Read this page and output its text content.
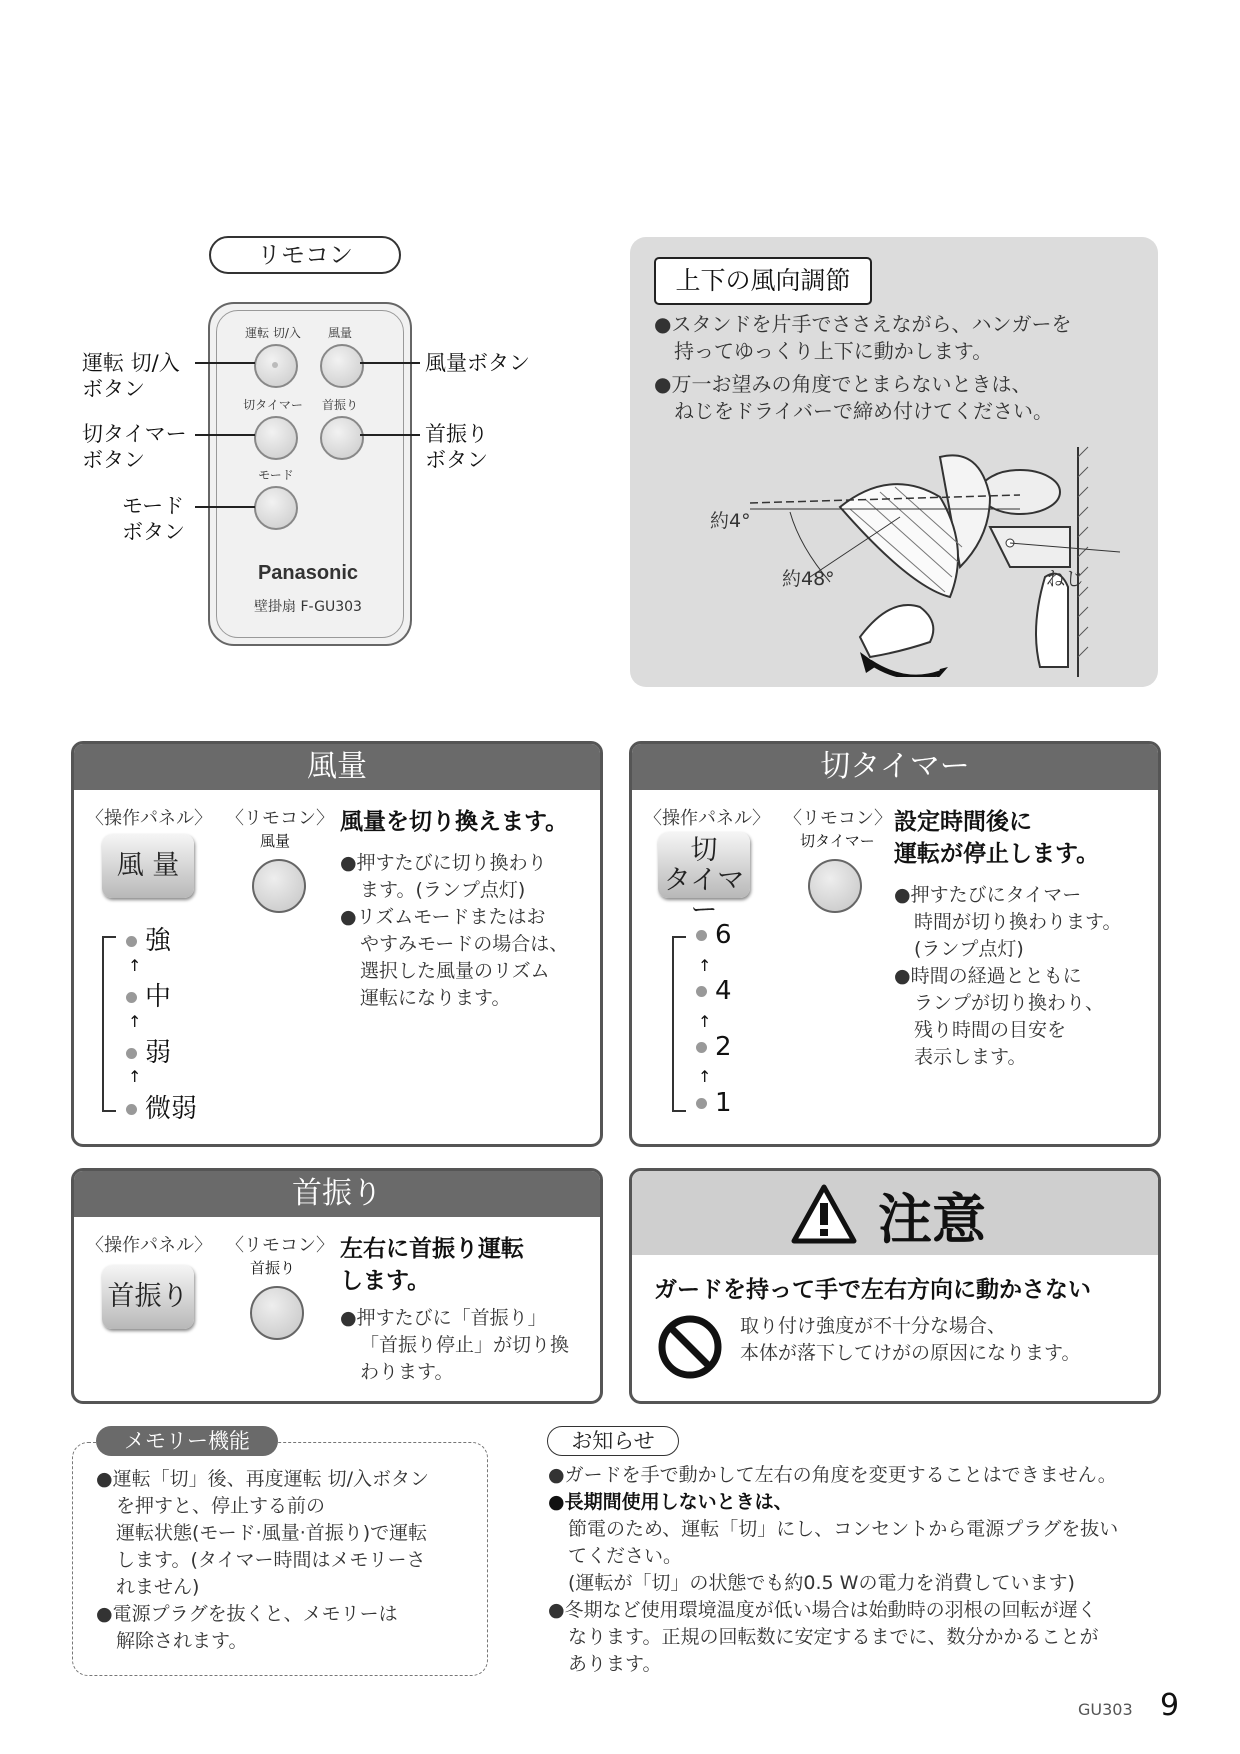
リモコン
運転 切/入	風量
切タイマー	首振り
モード
Panasonic
壁掛扇 F-GU303
運転 切/入
ボタン
風量ボタン
切タイマー
ボタン
首振り
ボタン
モード
ボタン
上下の風向調節
●スタンドを片手でささえながら、ハンガーを
持ってゆっくり上下に動かします。
●万一お望みの角度でとまらないときは、
ねじをドライバーで締め付けてください。
約4°
約48°	ねじ
風量
〈操作パネル〉 〈リモコン〉
風量
風 量
風量を切り換えます。
●押すたびに切り換わり
ます。(ランプ点灯)
●リズムモードまたはお
やすみモードの場合は、
選択した風量のリズム
運転になります。
強
↑
中
↑
弱
↑
微弱
切タイマー
〈操作パネル〉 〈リモコン〉
切タイマー
切
タイマー
設定時間後に
運転が停止します。
●押すたびにタイマー
時間が切り換わります。
(ランプ点灯)
●時間の経過とともに
ランプが切り換わり、
残り時間の目安を
表示します。
6
↑
4
↑
2
↑
1
首振り
〈操作パネル〉 〈リモコン〉
首振り
首振り
左右に首振り運転
します。
●押すたびに「首振り」
「首振り停止」が切り換
わります。
注意
ガードを持って手で左右方向に動かさない
取り付け強度が不十分な場合、
本体が落下してけがの原因になります。
メモリー機能
●運転「切」後、再度運転 切/入ボタン
を押すと、停止する前の
運転状態(モード·風量·首振り)で運転
します。(タイマー時間はメモリーさ
れません)
●電源プラグを抜くと、メモリーは
解除されます。
お知らせ
●ガードを手で動かして左右の角度を変更することはできません。
●長期間使用しないときは、
節電のため、運転「切」にし、コンセントから電源プラグを抜い
てください。
(運転が「切」の状態でも約0.5 Wの電力を消費しています)
●冬期など使用環境温度が低い場合は始動時の羽根の回転が遅く
なります。正規の回転数に安定するまでに、数分かかることが
あります。
GU303 9
